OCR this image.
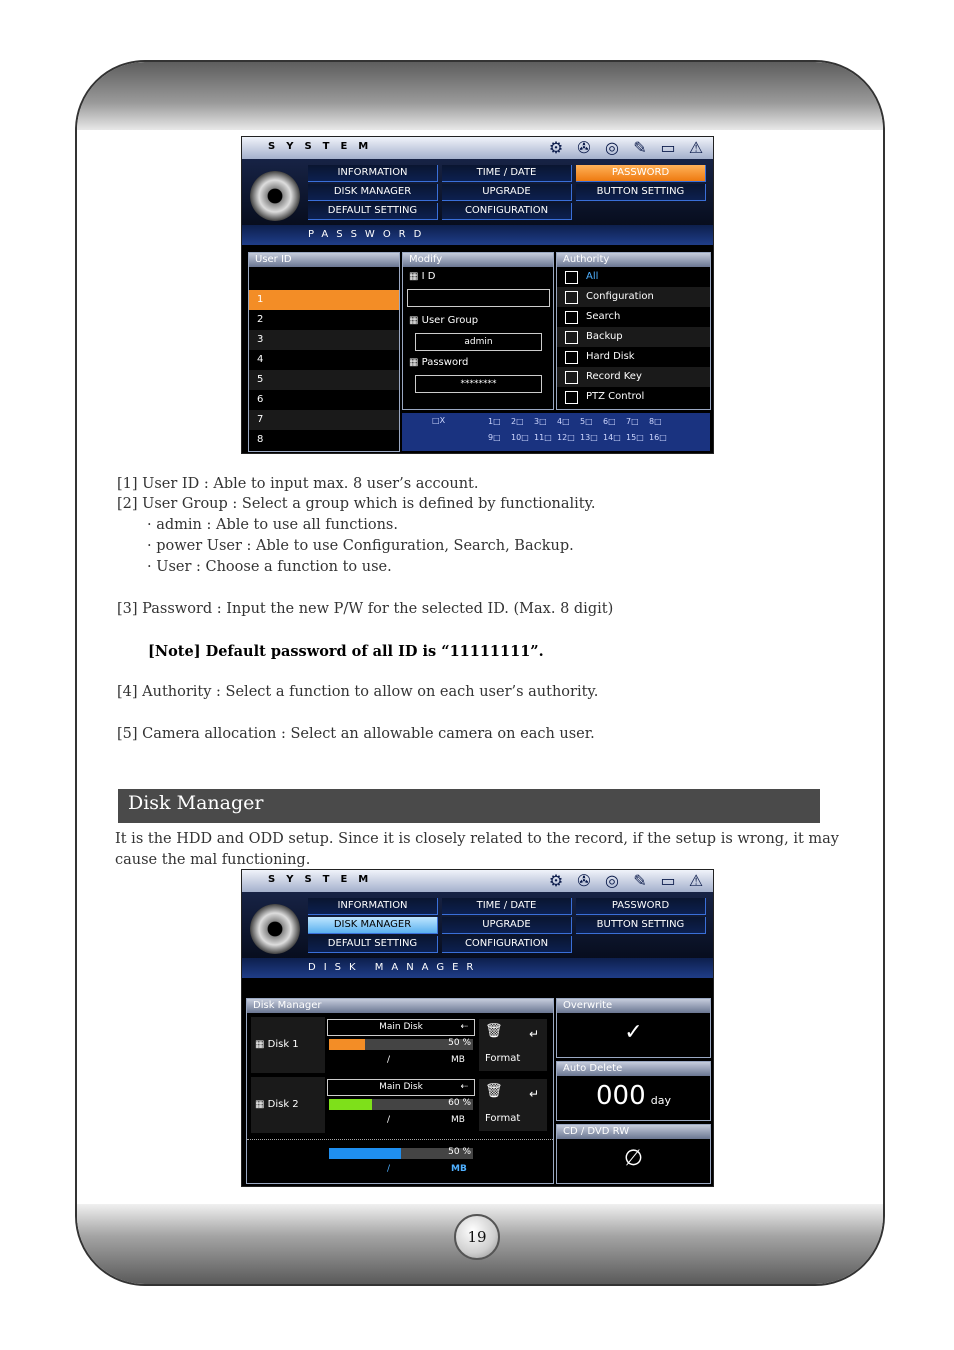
19
SYSTEM	⚙ ✇ ◎ ✎ ▭ ⚠
INFORMATION	TIME / DATE	PASSWORD
DISK MANAGER	UPGRADE	BUTTON SETTING
DEFAULT SETTING	CONFIGURATION
PASSWORD
User ID
1
2
3
4
5
6
7
8
Modify
▦ I D
▦ User Group
admin
▦ Password
********
Authority
All
Configuration
Search
Backup
Hard Disk
Record Key
PTZ Control
□X	1□ 2□ 3□ 4□ 5□ 6□ 7□ 8□
9□ 10□ 11□ 12□ 13□ 14□ 15□ 16□
[1] User ID : Able to input max. 8 user’s account.
[2] User Group : Select a group which is defined by functionality.
· admin : Able to use all functions.
· power User : Able to use Configuration, Search, Backup.
· User : Choose a function to use.
[3] Password : Input the new P/W for the selected ID. (Max. 8 digit)
[Note] Default password of all ID is “11111111”.
[4] Authority : Select a function to allow on each user’s authority.
[5] Camera allocation : Select an allowable camera on each user.
Disk Manager
It is the HDD and ODD setup. Since it is closely related to the record, if the setup is wrong, it may cause the mal functioning.
SYSTEM	⚙ ✇ ◎ ✎ ▭ ⚠
INFORMATION	TIME / DATE	PASSWORD
DISK MANAGER	UPGRADE	BUTTON SETTING
DEFAULT SETTING	CONFIGURATION
DISK MANAGER
Disk Manager
▦ Disk 1
Main Disk	⇠
50 %
/	MB
🗑 ↵
Format
▦ Disk 2
Main Disk	⇠
60 %
/	MB
🗑 ↵
Format
50 %
/	MB
Overwrite
✓
Auto Delete
000 day
CD / DVD RW
∅
